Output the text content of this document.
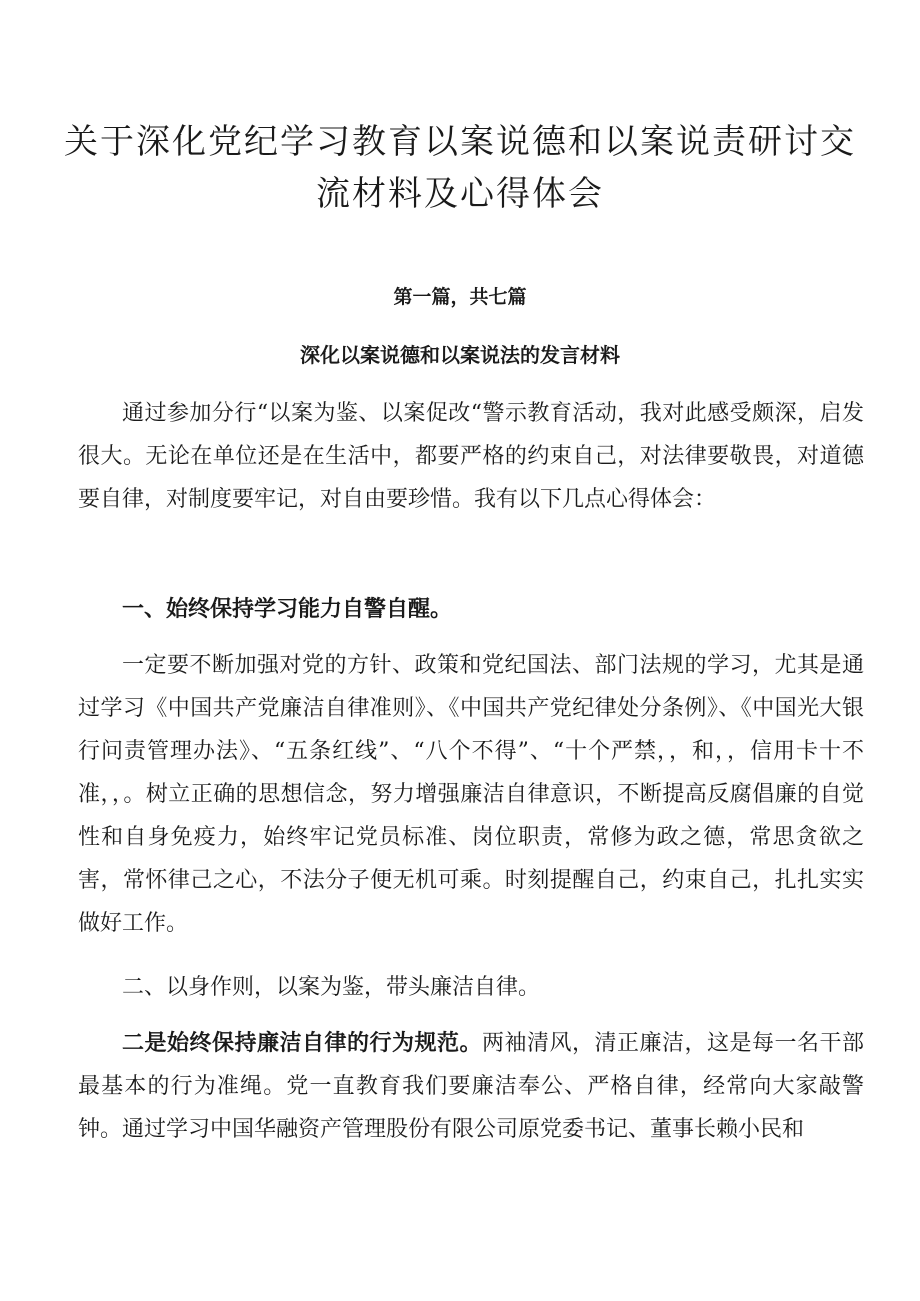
关于深化党纪学习教育以案说德和以案说责研讨交流材料及心得体会
第一篇，共七篇
深化以案说德和以案说法的发言材料

通过参加分行“以案为鉴、以案促改“警示教育活动，我对此感受颇深，启发很大。无论在单位还是在生活中，都要严格的约束自己，对法律要敬畏，对道德要自律，对制度要牢记，对自由要珍惜。我有以下几点心得体会：

一、始终保持学习能力自警自醒。

一定要不断加强对党的方针、政策和党纪国法、部门法规的学习，尤其是通过学习《中国共产党廉洁自律准则》、《中国共产党纪律处分条例》、《中国光大银行问责管理办法》、“五条红线”、“八个不得”、“十个严禁，，和，，信用卡十不准，，。树立正确的思想信念，努力增强廉洁自律意识，不断提高反腐倡廉的自觉性和自身免疫力，始终牢记党员标准、岗位职责，常修为政之德，常思贪欲之害，常怀律己之心，不法分子便无机可乘。时刻提醒自己，约束自己，扎扎实实做好工作。

二、以身作则，以案为鉴，带头廉洁自律。

二是始终保持廉洁自律的行为规范。两袖清风，清正廉洁，这是每一名干部最基本的行为准绳。党一直教育我们要廉洁奉公、严格自律，经常向大家敲警钟。通过学习中国华融资产管理股份有限公司原党委书记、董事长赖小民和
